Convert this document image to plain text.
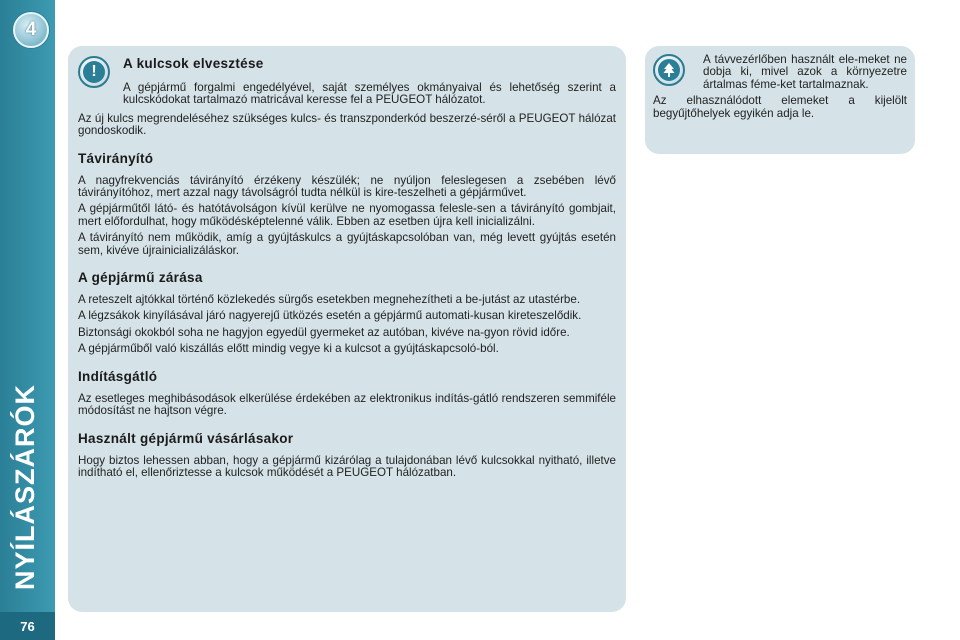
4
NYÍLÁSZÁRÓK
76
!	A kulcsok elvesztése

A gépjármű forgalmi engedélyével, saját személyes okmányaival és lehetőség szerint a kulcskódokat tartalmazó matricával keresse fel a PEUGEOT hálózatot.

Az új kulcs megrendeléséhez szükséges kulcs- és transzponderkód beszerzé-séről a PEUGEOT hálózat gondoskodik.

Távirányító

A nagyfrekvenciás távirányító érzékeny készülék; ne nyúljon feleslegesen a zsebében lévő távirányítóhoz, mert azzal nagy távolságról tudta nélkül is kire-teszelheti a gépjárművet.

A gépjárműtől látó- és hatótávolságon kívül kerülve ne nyomogassa felesle-sen a távirányító gombjait, mert előfordulhat, hogy működésképtelenné válik. Ebben az esetben újra kell inicializálni.

A távirányító nem működik, amíg a gyújtáskulcs a gyújtáskapcsolóban van, még levett gyújtás esetén sem, kivéve újrainicializáláskor.

A gépjármű zárása

A reteszelt ajtókkal történő közlekedés sürgős esetekben megnehezítheti a be-jutást az utastérbe.

A légzsákok kinyílásával járó nagyerejű ütközés esetén a gépjármű automati-kusan kireteszelődik.

Biztonsági okokból soha ne hagyjon egyedül gyermeket az autóban, kivéve na-gyon rövid időre.

A gépjárműből való kiszállás előtt mindig vegye ki a kulcsot a gyújtáskapcsoló-ból.

Indításgátló

Az esetleges meghibásodások elkerülése érdekében az elektronikus indítás-gátló rendszeren semmiféle módosítást ne hajtson végre.

Használt gépjármű vásárlásakor

Hogy biztos lehessen abban, hogy a gépjármű kizárólag a tulajdonában lévő kulcsokkal nyitható, illetve indítható el, ellenőriztesse a kulcsok működését a PEUGEOT hálózatban.

A távvezérlőben használt ele-meket ne dobja ki, mivel azok a környezetre ártalmas féme-ket tartalmaznak.

Az elhasználódott elemeket a kijelölt begyűjtőhelyek egyikén adja le.
